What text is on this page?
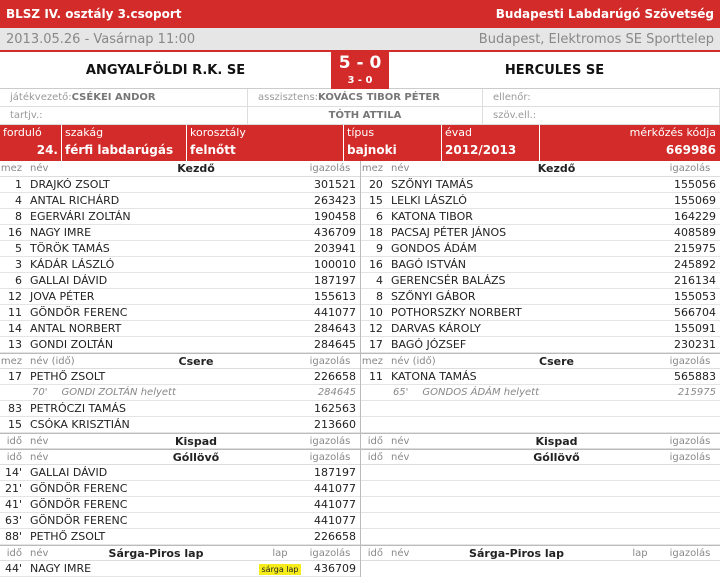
BLSZ IV. osztály 3.csoport	Budapesti Labdarúgó Szövetség
2013.05.26 - Vasárnap 11:00	Budapest, Elektromos SE Sporttelep
ANGYALFÖLDI R.K. SE	5 - 0
3 - 0
HERCULES SE
játékvezető:CSÉKEI ANDOR	asszisztens:KOVÁCS TIBOR PÉTER	ellenőr:
tartjv.:	TÓTH ATTILA	szöv.ell.:
forduló
24.
szakág
férfi labdarúgás
korosztály
felnőtt
típus
bajnoki
évad
2012/2013
mérkőzés kódja
669986
mez név	Kezdő	igazolás
1 DRAJKÓ ZSOLT	301521
4 ANTAL RICHÁRD	263423
8 EGERVÁRI ZOLTÁN	190458
16 NAGY IMRE	436709
5 TÖRÖK TAMÁS	203941
3 KÁDÁR LÁSZLÓ	100010
6 GALLAI DÁVID	187197
12 JOVA PÉTER	155613
11 GÖNDÖR FERENC	441077
14 ANTAL NORBERT	284643
13 GONDI ZOLTÁN	284645
mez név (idő)	Csere	igazolás
17 PETHŐ ZSOLT	226658
70' GONDI ZOLTÁN helyett	284645
83 PETRÓCZI TAMÁS	162563
15 CSÓKA KRISZTIÁN	213660
idő név	Kispad	igazolás
idő név	Góllövő	igazolás
14' GALLAI DÁVID	187197
21' GÖNDÖR FERENC	441077
41' GÖNDÖR FERENC	441077
63' GÖNDÖR FERENC	441077
88' PETHŐ ZSOLT	226658
idő név	Sárga-Piros lap	lap	igazolás
44' NAGY IMRE	sárga lap	436709
mez név	Kezdő	igazolás
20 SZŐNYI TAMÁS	155056
15 LELKI LÁSZLÓ	155069
6 KATONA TIBOR	164229
18 PACSAJ PÉTER JÁNOS	408589
9 GONDOS ÁDÁM	215975
16 BAGÓ ISTVÁN	245892
4 GERENCSÉR BALÁZS	216134
8 SZŐNYI GÁBOR	155053
10 POTHORSZKY NORBERT	566704
12 DARVAS KÁROLY	155091
17 BAGÓ JÓZSEF	230231
mez név (idő)	Csere	igazolás
11 KATONA TAMÁS	565883
65' GONDOS ÁDÁM helyett	215975
idő név	Kispad	igazolás
idő név	Góllövő	igazolás
idő név	Sárga-Piros lap	lap	igazolás
